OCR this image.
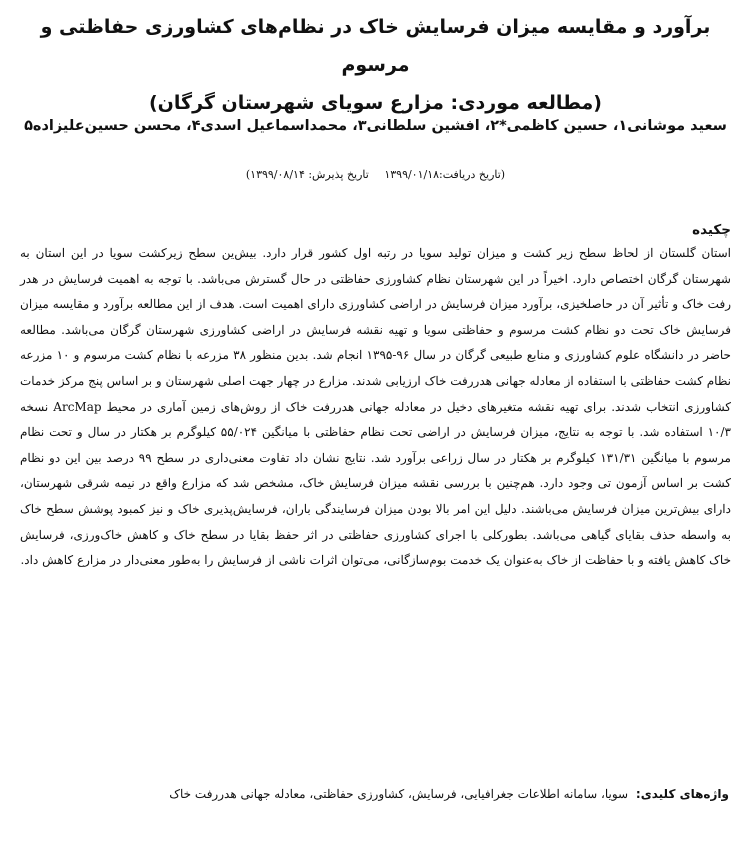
برآورد و مقایسه میزان فرسایش خاک در نظام‌های کشاورزی حفاظتی و مرسوم
(مطالعه موردی: مزارع سویای شهرستان گرگان)
سعید موشانی۱، حسین کاظمی*۲، افشین سلطانی۳، محمداسماعیل اسدی۴، محسن حسین‌علیزاده۵
(تاریخ دریافت:۱۳۹۹/۰۱/۱۸ تاریخ پذیرش: ۱۳۹۹/۰۸/۱۴)
چکیده
استان گلستان از لحاظ سطح زیر کشت و میزان تولید سویا در رتبه اول کشور قرار دارد. بیش‌ین سطح زیرکشت سویا در این استان به شهرستان گرگان اختصاص دارد. اخیراً در این شهرستان نظام کشاورزی حفاظتی در حال گسترش می‌باشد. با توجه به اهمیت فرسایش در هدر رفت خاک و تأثیر آن در حاصلخیزی، برآورد میزان فرسایش در اراضی کشاورزی دارای اهمیت است. هدف از این مطالعه برآورد و مقایسه میزان فرسایش خاک تحت دو نظام کشت مرسوم و حفاظتی سویا و تهیه نقشه فرسایش در اراضی کشاورزی شهرستان گرگان می‌باشد. مطالعه حاضر در دانشگاه علوم کشاورزی و منابع طبیعی گرگان در سال ۹۶-۱۳۹۵ انجام شد. بدین منظور ۳۸ مزرعه با نظام کشت مرسوم و ۱۰ مزرعه نظام کشت حفاظتی با استفاده از معادله جهانی هدررفت خاک ارزیابی شدند. مزارع در چهار جهت اصلی شهرستان و بر اساس پنج مرکز خدمات کشاورزی انتخاب شدند. برای تهیه نقشه متغیرهای دخیل در معادله جهانی هدررفت خاک از روش‌های زمین آماری در محیط ArcMap نسخه ۱۰/۳ استفاده شد. با توجه به نتایج، میزان فرسایش در اراضی تحت نظام حفاظتی با میانگین ۵۵/۰۲۴ کیلوگرم بر هکتار در سال و تحت نظام مرسوم با میانگین ۱۳۱/۳۱ کیلوگرم بر هکتار در سال زراعی برآورد شد. نتایج نشان داد تفاوت معنی‌داری در سطح ۹۹ درصد بین این دو نظام کشت بر اساس آزمون تی وجود دارد. هم‌چنین با بررسی نقشه میزان فرسایش خاک، مشخص شد که مزارع واقع در نیمه شرقی شهرستان، دارای بیش‌ترین میزان فرسایش می‌باشند. دلیل این امر بالا بودن میزان فرسایندگی باران، فرسایش‌پذیری خاک و نیز کمبود پوشش سطح خاک به واسطه حذف بقایای گیاهی می‌باشد. بطورکلی با اجرای کشاورزی حفاظتی در اثر حفظ بقایا در سطح خاک و کاهش خاک‌ورزی، فرسایش خاک کاهش یافته و با حفاظت از خاک به‌عنوان یک خدمت بوم‌سازگانی، می‌توان اثرات ناشی از فرسایش را به‌طور معنی‌دار در مزارع کاهش داد.
واژه‌های کلیدی: سویا، سامانه اطلاعات جغرافیایی، فرسایش، کشاورزی حفاظتی، معادله جهانی هدررفت خاک
